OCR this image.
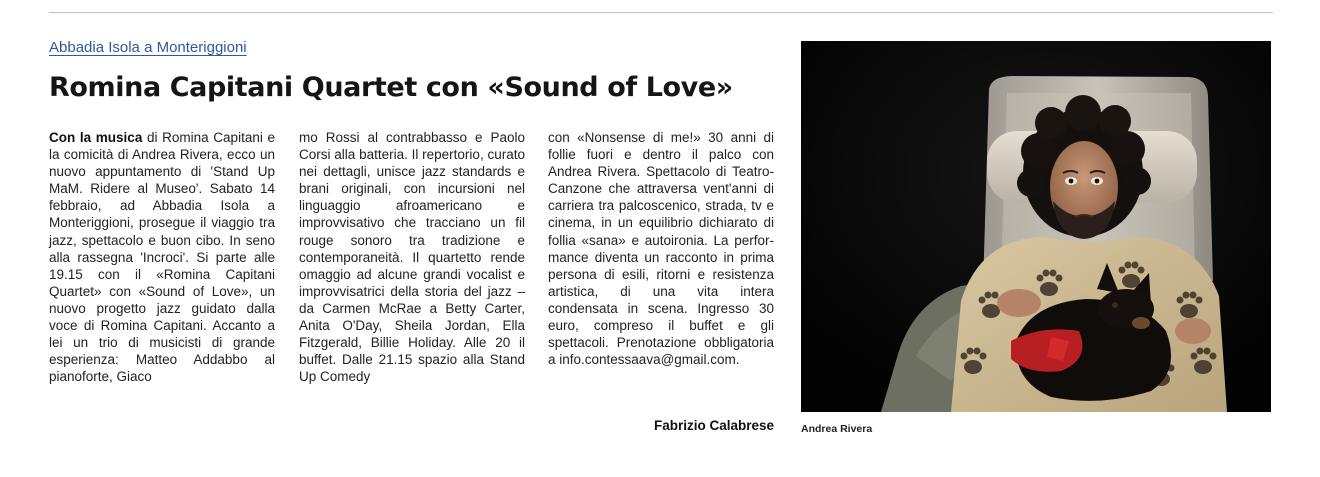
Abbadia Isola a Monteriggioni
Romina Capitani Quartet con «Sound of Love»
Con la musica di Romina Capitani e la comicità di Andrea Rivera, ecco un nuovo appuntamento di 'Stand Up MaM. Ridere al Museo'. Sabato 14 febbraio, ad Abbadia Isola a Monteriggioni, prosegue il viaggio tra jazz, spettacolo e buon cibo. In seno alla rassegna 'Incroci'. Si parte alle 19.15 con il «Romina Capitani Quartet» con «Sound of Love», un nuovo progetto jazz guidato dalla voce di Romina Capitani. Accanto a lei un trio di musicisti di grande esperienza: Matteo Addabbo al pianoforte, Giaco
mo Rossi al contrabbasso e Paolo Corsi alla batteria. Il repertorio, curato nei dettagli, unisce jazz standards e brani originali, con incursioni nel linguaggio afroamericano e improvvisativo che tracciano un fil rouge sonoro tra tradizione e contemporaneità. Il quartetto rende omaggio ad alcune grandi vocalist e improvvisatrici della storia del jazz – da Carmen McRae a Betty Carter, Anita O'Day, Sheila Jordan, Ella Fitzgerald, Billie Holiday. Alle 20 il buffet. Dalle 21.15 spazio alla Stand Up Comedy
con «Nonsense di me!» 30 anni di follie fuori e dentro il palco con Andrea Rivera. Spettacolo di Teatro-Canzone che attraversa vent'anni di carriera tra palcoscenico, strada, tv e cinema, in un equilibrio dichiarato di follia «sana» e autoironia. La performance diventa un racconto in prima persona di esili, ritorni e resistenza artistica, di una vita intera condensata in scena. Ingresso 30 euro, compreso il buffet e gli spettacoli. Prenotazione obbligatoria a info.contessaava@gmail.com.
Fabrizio Calabrese	Andrea Rivera
